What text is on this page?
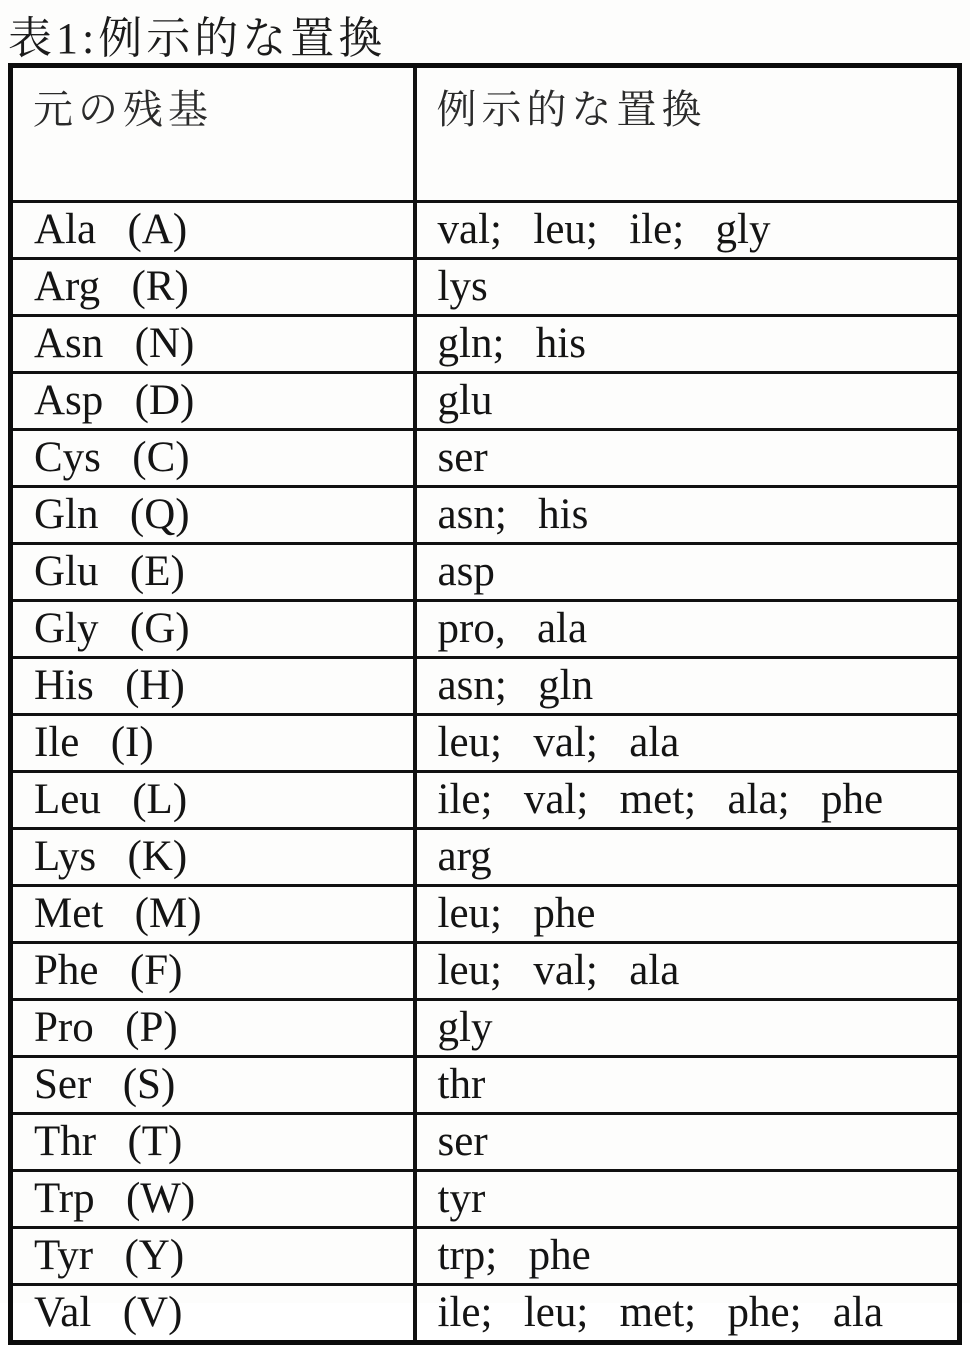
表1:例示的な置換
元の残基	例示的な置換
Ala (A)	val; leu; ile; gly
Arg (R)	lys
Asn (N)	gln; his
Asp (D)	glu
Cys (C)	ser
Gln (Q)	asn; his
Glu (E)	asp
Gly (G)	pro, ala
His (H)	asn; gln
Ile (I)	leu; val; ala
Leu (L)	ile; val; met; ala; phe
Lys (K)	arg
Met (M)	leu; phe
Phe (F)	leu; val; ala
Pro (P)	gly
Ser (S)	thr
Thr (T)	ser
Trp (W)	tyr
Tyr (Y)	trp; phe
Val (V)	ile; leu; met; phe; ala
